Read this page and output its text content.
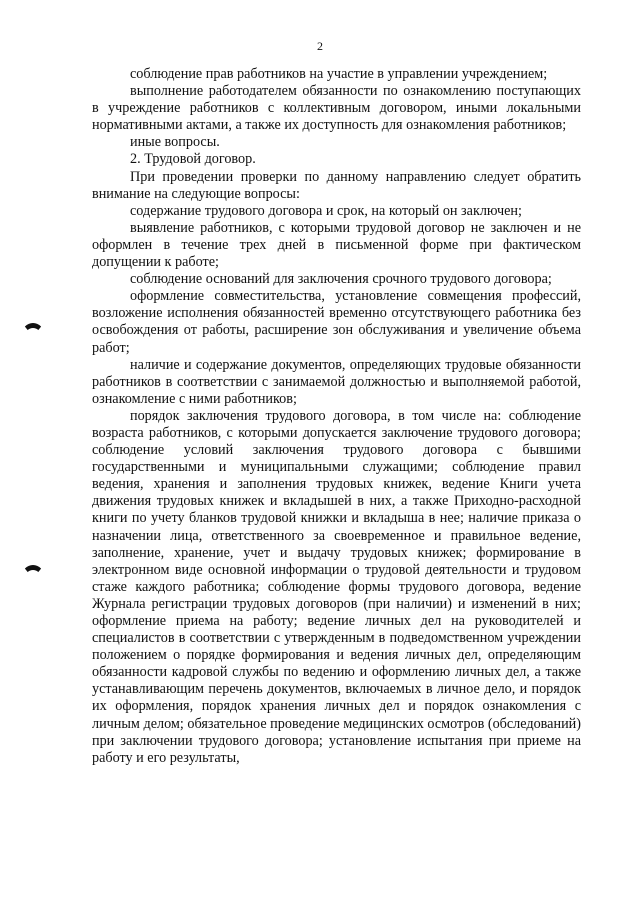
2

соблюдение прав работников на участие в управлении учреждением;

выполнение работодателем обязанности по ознакомлению поступающих в учреждение работников с коллективным договором, иными локальными нормативными актами, а также их доступность для ознакомления работников;

иные вопросы.

2. Трудовой договор.

При проведении проверки по данному направлению следует обратить внимание на следующие вопросы:

содержание трудового договора и срок, на который он заключен;

выявление работников, с которыми трудовой договор не заключен и не оформлен в течение трех дней в письменной форме при фактическом допущении к работе;

соблюдение оснований для заключения срочного трудового договора;

оформление совместительства, установление совмещения профессий, возложение исполнения обязанностей временно отсутствующего работника без освобождения от работы, расширение зон обслуживания и увеличение объема работ;

наличие и содержание документов, определяющих трудовые обязанности работников в соответствии с занимаемой должностью и выполняемой работой, ознакомление с ними работников;

порядок заключения трудового договора, в том числе на: соблюдение возраста работников, с которыми допускается заключение трудового договора; соблюдение условий заключения трудового договора с бывшими государственными и муниципальными служащими; соблюдение правил ведения, хранения и заполнения трудовых книжек, ведение Книги учета движения трудовых книжек и вкладышей в них, а также Приходно-расходной книги по учету бланков трудовой книжки и вкладыша в нее; наличие приказа о назначении лица, ответственного за своевременное и правильное ведение, заполнение, хранение, учет и выдачу трудовых книжек; формирование в электронном виде основной информации о трудовой деятельности и трудовом стаже каждого работника; соблюдение формы трудового договора, ведение Журнала регистрации трудовых договоров (при наличии) и изменений в них; оформление приема на работу; ведение личных дел на руководителей и специалистов в соответствии с утвержденным в подведомственном учреждении положением о порядке формирования и ведения личных дел, определяющим обязанности кадровой службы по ведению и оформлению личных дел, а также устанавливающим перечень документов, включаемых в личное дело, и порядок их оформления, порядок хранения личных дел и порядок ознакомления с личным делом; обязательное проведение медицинских осмотров (обследований) при заключении трудового договора; установление испытания при приеме на работу и его результаты,
